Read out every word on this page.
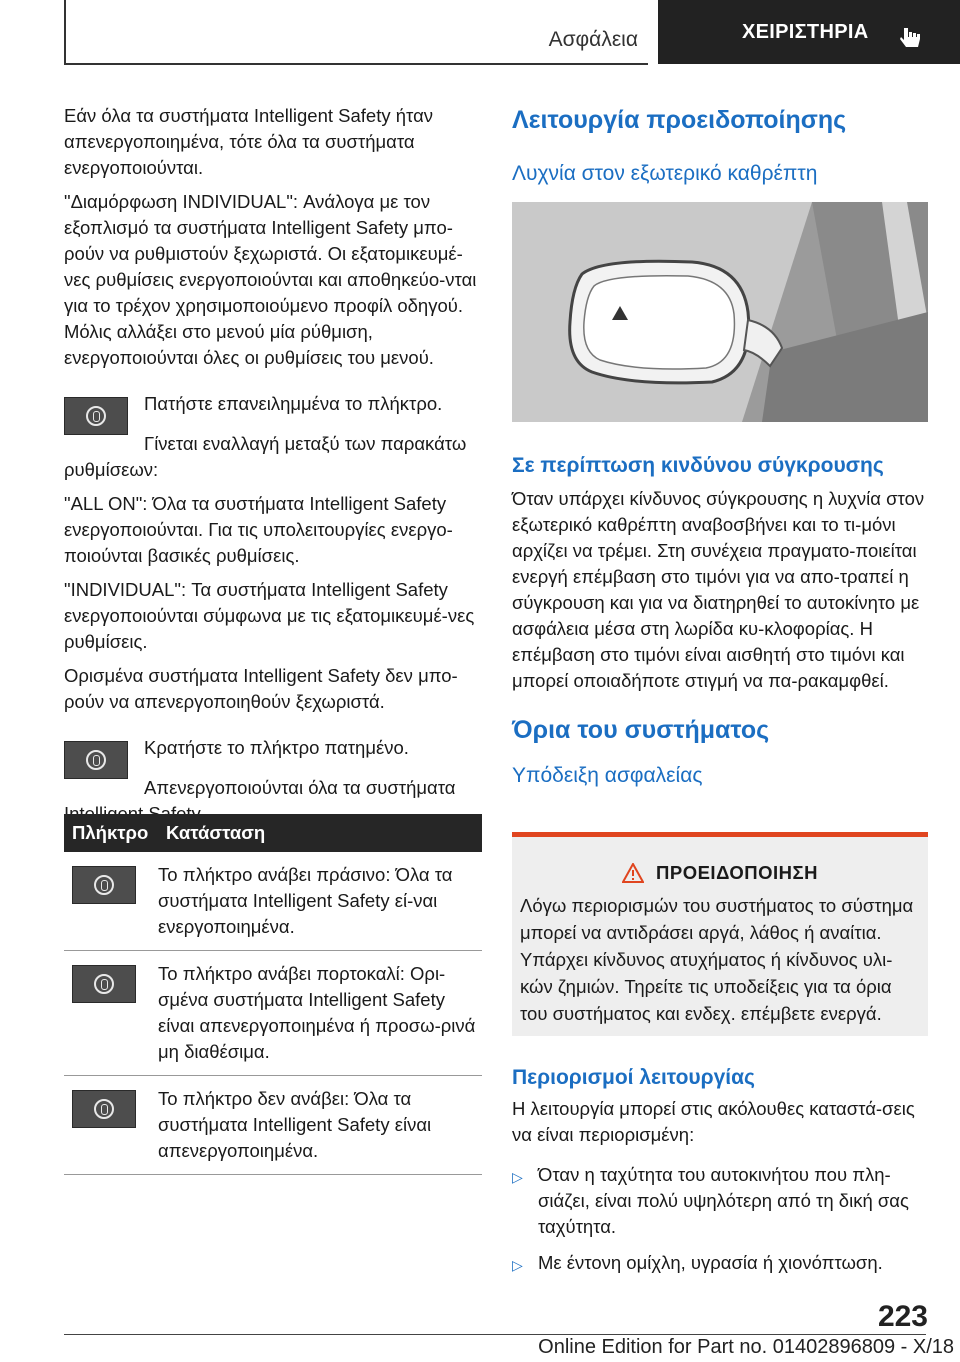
Ασφάλεια	ΧΕΙΡΙΣΤΗΡΙΑ

Εάν όλα τα συστήματα Intelligent Safety ήταν απενεργοποιημένα, τότε όλα τα συστήματα ενεργοποιούνται.

"Διαμόρφωση INDIVIDUAL": Ανάλογα με τον εξοπλισμό τα συστήματα Intelligent Safety μπο-ρούν να ρυθμιστούν ξεχωριστά. Οι εξατομικευμέ-νες ρυθμίσεις ενεργοποιούνται και αποθηκεύο-νται για το τρέχον χρησιμοποιούμενο προφίλ οδηγού. Μόλις αλλάξει στο μενού μία ρύθμιση, ενεργοποιούνται όλες οι ρυθμίσεις του μενού.

Πατήστε επανειλημμένα το πλήκτρο.

Γίνεται εναλλαγή μεταξύ των παρακάτω ρυθμίσεων:

"ALL ON": Όλα τα συστήματα Intelligent Safety ενεργοποιούνται. Για τις υπολειτουργίες ενεργο-ποιούνται βασικές ρυθμίσεις.

"INDIVIDUAL": Τα συστήματα Intelligent Safety ενεργοποιούνται σύμφωνα με τις εξατομικευμέ-νες ρυθμίσεις.

Ορισμένα συστήματα Intelligent Safety δεν μπο-ρούν να απενεργοποιηθούν ξεχωριστά.

Κρατήστε το πλήκτρο πατημένο.

Απενεργοποιούνται όλα τα συστήματα

Πλήκτρο	Κατάσταση

	Το πλήκτρο ανάβει πράσινο: Όλα τα συστήματα Intelligent Safety εί-ναι ενεργοποιημένα.

	Το πλήκτρο ανάβει πορτοκαλί: Ορι-σμένα συστήματα Intelligent Safety είναι απενεργοποιημένα ή προσω-ρινά μη διαθέσιμα.

	Το πλήκτρο δεν ανάβει: Όλα τα συστήματα Intelligent Safety είναι απενεργοποιημένα.
Λειτουργία προειδοποίησης
Λυχνία στον εξωτερικό καθρέπτη
Σε περίπτωση κινδύνου σύγκρουσης

Όταν υπάρχει κίνδυνος σύγκρουσης η λυχνία στον εξωτερικό καθρέπτη αναβοσβήνει και το τι-μόνι αρχίζει να τρέμει. Στη συνέχεια πραγματο-ποιείται ενεργή επέμβαση στο τιμόνι για να απο-τραπεί η σύγκρουση και για να διατηρηθεί το αυτοκίνητο με ασφάλεια μέσα στη λωρίδα κυ-κλοφορίας. Η επέμβαση στο τιμόνι είναι αισθητή στο τιμόνι και μπορεί οποιαδήποτε στιγμή να πα-ρακαμφθεί.

Όρια του συστήματος
Υπόδειξη ασφαλείας
ΠΡΟΕΙΔΟΠΟΙΗΣΗ
Λόγω περιορισμών του συστήματος το σύστημα μπορεί να αντιδράσει αργά, λάθος ή αναίτια. Υπάρχει κίνδυνος ατυχήματος ή κίνδυνος υλι-κών ζημιών. Τηρείτε τις υποδείξεις για τα όρια του συστήματος και ενδεχ. επέμβετε ενεργά.
Περιορισμοί λειτουργίας

Η λειτουργία μπορεί στις ακόλουθες καταστά-σεις να είναι περιορισμένη:

▷ Όταν η ταχύτητα του αυτοκινήτου που πλη-σιάζει, είναι πολύ υψηλότερη από τη δική σας ταχύτητα.
▷ Με έντονη ομίχλη, υγρασία ή χιονόπτωση.
223
Online Edition for Part no. 01402896809 - X/18
